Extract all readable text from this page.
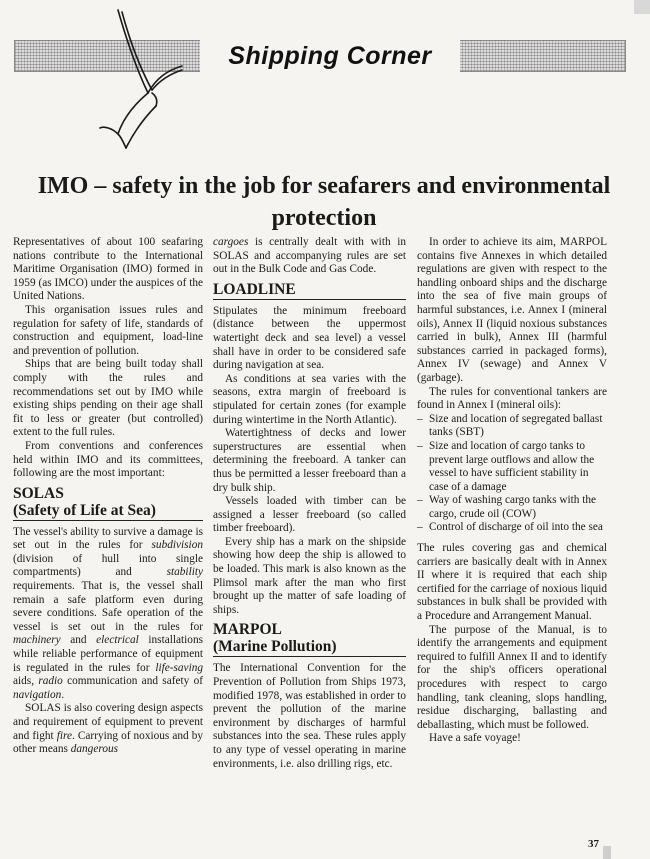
Shipping Corner
IMO – safety in the job for seafarers and environmental protection

Representatives of about 100 seafaring nations contribute to the International Maritime Organisation (IMO) formed in 1959 (as IMCO) under the auspices of the United Nations.

This organisation issues rules and regulation for safety of life, standards of construction and equipment, load-line and prevention of pollution.

Ships that are being built today shall comply with the rules and recommendations set out by IMO while existing ships pending on their age shall fit to less or greater (but controlled) extent to the full rules.

From conventions and conferences held within IMO and its committees, following are the most important:

SOLAS
(Safety of Life at Sea)

The vessel's ability to survive a damage is set out in the rules for subdivision (division of hull into single compartments) and stability requirements. That is, the vessel shall remain a safe platform even during severe conditions. Safe operation of the vessel is set out in the rules for machinery and electrical installations while reliable performance of equipment is regulated in the rules for life-saving aids, radio communication and safety of navigation.

SOLAS is also covering design aspects and requirement of equipment to prevent and fight fire. Carrying of noxious and by other means dangerous

cargoes is centrally dealt with with in SOLAS and accompanying rules are set out in the Bulk Code and Gas Code.

LOADLINE

Stipulates the minimum freeboard (distance between the uppermost watertight deck and sea level) a vessel shall have in order to be considered safe during navigation at sea.

As conditions at sea varies with the seasons, extra margin of freeboard is stipulated for certain zones (for example during wintertime in the North Atlantic).

Watertightness of decks and lower superstructures are essential when determining the freeboard. A tanker can thus be permitted a lesser freeboard than a dry bulk ship.

Vessels loaded with timber can be assigned a lesser freeboard (so called timber freeboard).

Every ship has a mark on the shipside showing how deep the ship is allowed to be loaded. This mark is also known as the Plimsol mark after the man who first brought up the matter of safe loading of ships.

MARPOL
(Marine Pollution)

The International Convention for the Prevention of Pollution from Ships 1973, modified 1978, was established in order to prevent the pollution of the marine environment by discharges of harmful substances into the sea. These rules apply to any type of vessel operating in marine environments, i.e. also drilling rigs, etc.

In order to achieve its aim, MARPOL contains five Annexes in which detailed regulations are given with respect to the handling onboard ships and the discharge into the sea of five main groups of harmful substances, i.e. Annex I (mineral oils), Annex II (liquid noxious substances carried in bulk), Annex III (harmful substances carried in packaged forms), Annex IV (sewage) and Annex V (garbage).

The rules for conventional tankers are found in Annex I (mineral oils):

– Size and location of segregated ballast tanks (SBT)
– Size and location of cargo tanks to prevent large outflows and allow the vessel to have sufficient stability in case of a damage
– Way of washing cargo tanks with the cargo, crude oil (COW)
– Control of discharge of oil into the sea

The rules covering gas and chemical carriers are basically dealt with in Annex II where it is required that each ship certified for the carriage of noxious liquid substances in bulk shall be provided with a Procedure and Arrangement Manual.

The purpose of the Manual, is to identify the arrangements and equipment required to fulfill Annex II and to identify for the ship's officers operational procedures with respect to cargo handling, tank cleaning, slops handling, residue discharging, ballasting and deballasting, which must be followed.

Have a safe voyage!

37
